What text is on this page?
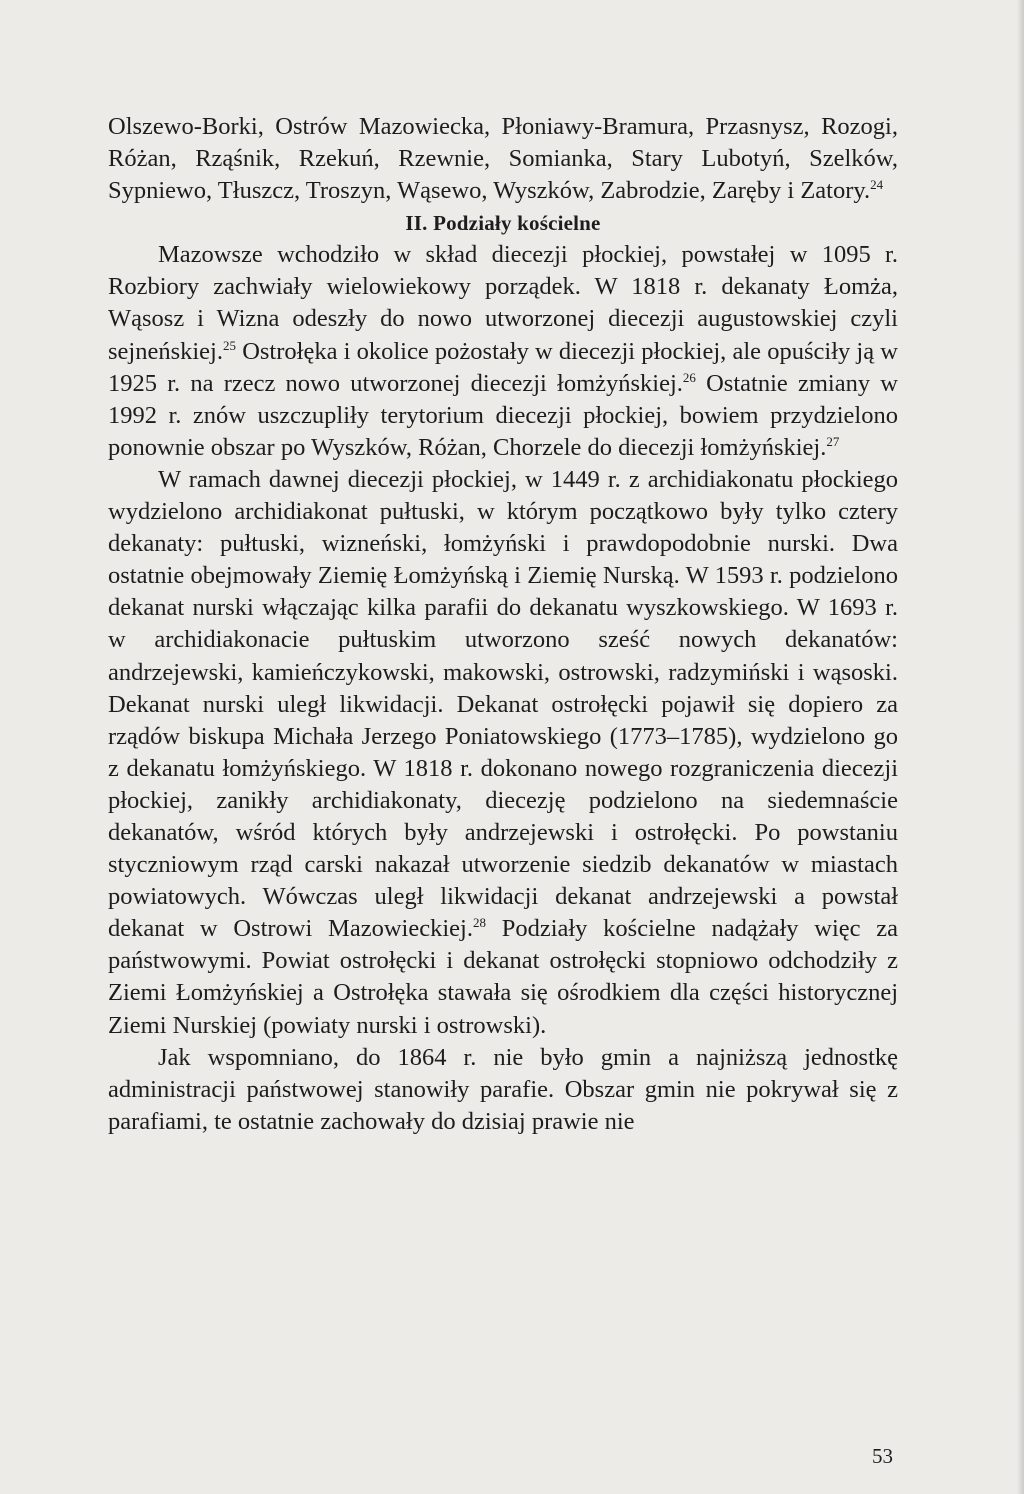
Olszewo-Borki, Ostrów Mazowiecka, Płoniawy-Bramura, Przasnysz, Rozogi, Różan, Rząśnik, Rzekuń, Rzewnie, Somianka, Stary Lubotyń, Szelków, Sypniewo, Tłuszcz, Troszyn, Wąsewo, Wyszków, Zabrodzie, Zaręby i Zatory.$^{24}$

II. Podziały kościelne

Mazowsze wchodziło w skład diecezji płockiej, powstałej w 1095 r. Rozbiory zachwiały wielowiekowy porządek. W 1818 r. dekanaty Łomża, Wąsosz i Wizna odeszły do nowo utworzonej diecezji augustowskiej czyli sejneńskiej.$^{25}$ Ostrołęka i okolice pożostały w diecezji płockiej, ale opuściły ją w 1925 r. na rzecz nowo utworzonej diecezji łomżyńskiej.$^{26}$ Ostatnie zmiany w 1992 r. znów uszczupliły terytorium diecezji płockiej, bowiem przydzielono ponownie obszar po Wyszków, Różan, Chorzele do diecezji łomżyńskiej.$^{27}$

W ramach dawnej diecezji płockiej, w 1449 r. z archidiakonatu płockiego wydzielono archidiakonat pułtuski, w którym początkowo były tylko cztery dekanaty: pułtuski, wizneński, łomżyński i prawdopodobnie nurski. Dwa ostatnie obejmowały Ziemię Łomżyńską i Ziemię Nurską. W 1593 r. podzielono dekanat nurski włączając kilka parafii do dekanatu wyszkowskiego. W 1693 r. w archidiakonacie pułtuskim utworzono sześć nowych dekanatów: andrzejewski, kamieńczykowski, makowski, ostrowski, radzymiński i wąsoski. Dekanat nurski uległ likwidacji. Dekanat ostrołęcki pojawił się dopiero za rządów biskupa Michała Jerzego Poniatowskiego (1773–1785), wydzielono go z dekanatu łomżyńskiego. W 1818 r. dokonano nowego rozgraniczenia diecezji płockiej, zanikły archidiakonaty, diecezję podzielono na siedemnaście dekanatów, wśród których były andrzejewski i ostrołęcki. Po powstaniu styczniowym rząd carski nakazał utworzenie siedzib dekanatów w miastach powiatowych. Wówczas uległ likwidacji dekanat andrzejewski a powstał dekanat w Ostrowi Mazowieckiej.$^{28}$ Podziały kościelne nadążały więc za państwowymi. Powiat ostrołęcki i dekanat ostrołęcki stopniowo odchodziły z Ziemi Łomżyńskiej a Ostrołęka stawała się ośrodkiem dla części historycznej Ziemi Nurskiej (powiaty nurski i ostrowski).

Jak wspomniano, do 1864 r. nie było gmin a najniższą jednostkę administracji państwowej stanowiły parafie. Obszar gmin nie pokrywał się z parafiami, te ostatnie zachowały do dzisiaj prawie nie

53
